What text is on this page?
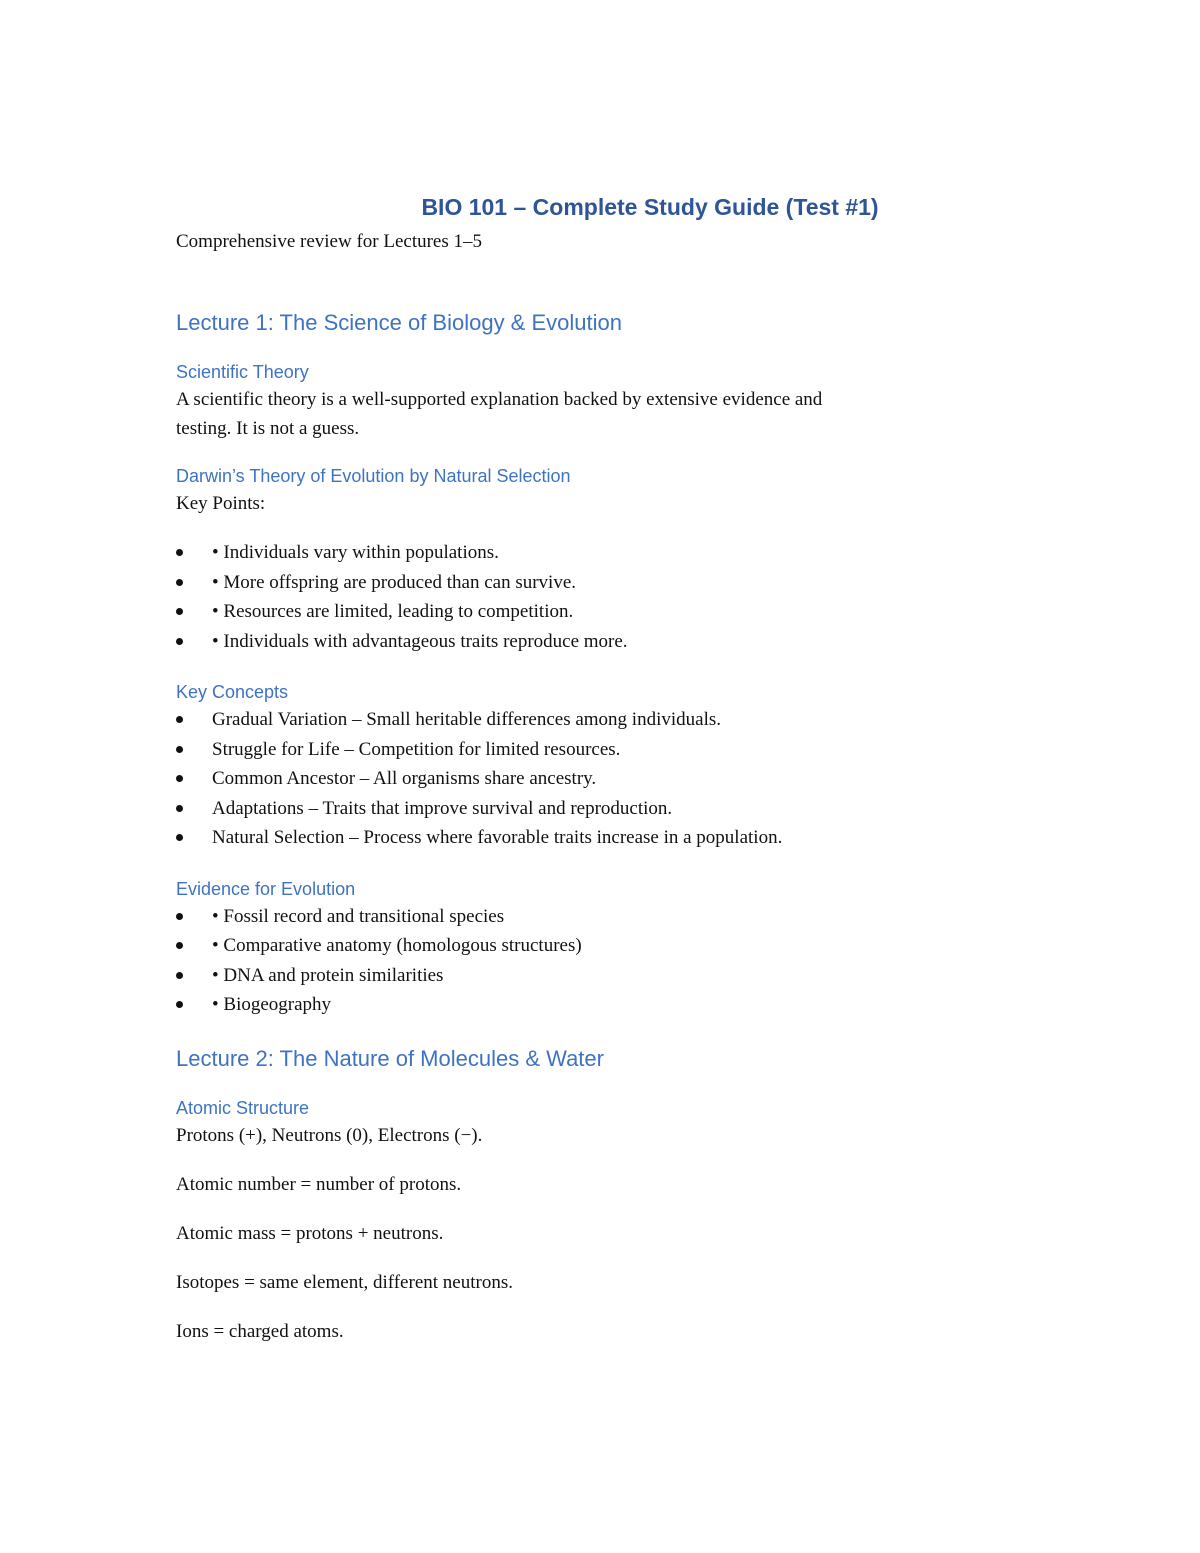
BIO 101 – Complete Study Guide (Test #1)

Comprehensive review for Lectures 1–5

Lecture 1: The Science of Biology & Evolution
Scientific Theory

A scientific theory is a well-supported explanation backed by extensive evidence and

testing. It is not a guess.

Darwin’s Theory of Evolution by Natural Selection

Key Points:

• Individuals vary within populations.
• More offspring are produced than can survive.
• Resources are limited, leading to competition.
• Individuals with advantageous traits reproduce more.
Key Concepts
Gradual Variation – Small heritable differences among individuals.
Struggle for Life – Competition for limited resources.
Common Ancestor – All organisms share ancestry.
Adaptations – Traits that improve survival and reproduction.
Natural Selection – Process where favorable traits increase in a population.
Evidence for Evolution
• Fossil record and transitional species
• Comparative anatomy (homologous structures)
• DNA and protein similarities
• Biogeography
Lecture 2: The Nature of Molecules & Water
Atomic Structure

Protons (+), Neutrons (0), Electrons (−).

Atomic number = number of protons.

Atomic mass = protons + neutrons.

Isotopes = same element, different neutrons.

Ions = charged atoms.
